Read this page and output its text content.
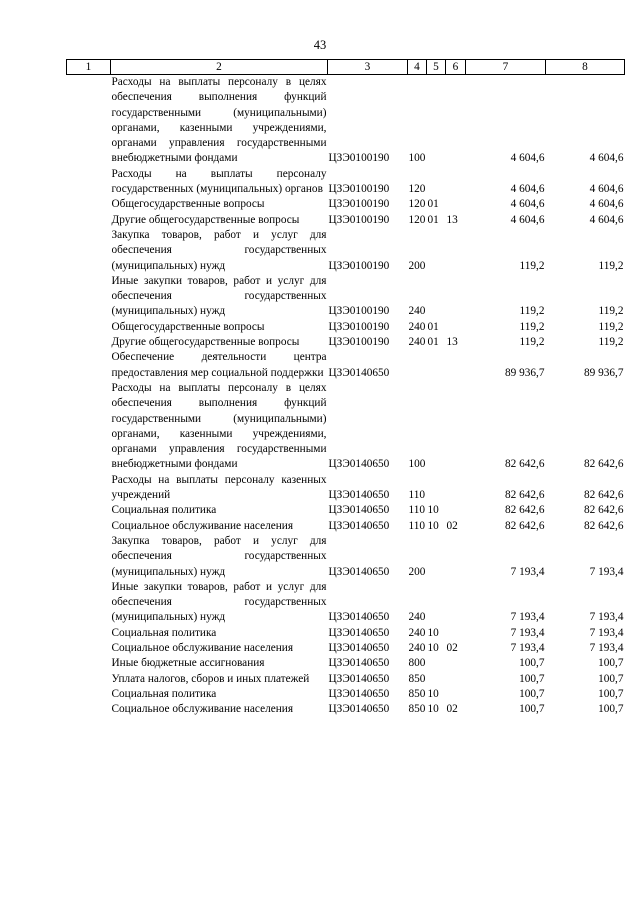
43
1	2	3	4	5	6	7	8
	Расходы на выплаты персоналу в целях обеспечения выполнения функций государственными (муниципальными) органами, казенными учреждениями, органами управления государственными внебюджетными фондами	ЦЗЭ0100190	100			4 604,6	4 604,6
	Расходы на выплаты персоналу государственных (муниципальных) органов	ЦЗЭ0100190	120			4 604,6	4 604,6
	Общегосударственные вопросы	ЦЗЭ0100190	120	01		4 604,6	4 604,6
	Другие общегосударственные вопросы	ЦЗЭ0100190	120	01	13	4 604,6	4 604,6
	Закупка товаров, работ и услуг для обеспечения государственных (муниципальных) нужд	ЦЗЭ0100190	200			119,2	119,2
	Иные закупки товаров, работ и услуг для обеспечения государственных (муниципальных) нужд	ЦЗЭ0100190	240			119,2	119,2
	Общегосударственные вопросы	ЦЗЭ0100190	240	01		119,2	119,2
	Другие общегосударственные вопросы	ЦЗЭ0100190	240	01	13	119,2	119,2
	Обеспечение деятельности центра предоставления мер социальной поддержки	ЦЗЭ0140650				89 936,7	89 936,7
	Расходы на выплаты персоналу в целях обеспечения выполнения функций государственными (муниципальными) органами, казенными учреждениями, органами управления государственными внебюджетными фондами	ЦЗЭ0140650	100			82 642,6	82 642,6
	Расходы на выплаты персоналу казенных учреждений	ЦЗЭ0140650	110			82 642,6	82 642,6
	Социальная политика	ЦЗЭ0140650	110	10		82 642,6	82 642,6
	Социальное обслуживание населения	ЦЗЭ0140650	110	10	02	82 642,6	82 642,6
	Закупка товаров, работ и услуг для обеспечения государственных (муниципальных) нужд	ЦЗЭ0140650	200			7 193,4	7 193,4
	Иные закупки товаров, работ и услуг для обеспечения государственных (муниципальных) нужд	ЦЗЭ0140650	240			7 193,4	7 193,4
	Социальная политика	ЦЗЭ0140650	240	10		7 193,4	7 193,4
	Социальное обслуживание населения	ЦЗЭ0140650	240	10	02	7 193,4	7 193,4
	Иные бюджетные ассигнования	ЦЗЭ0140650	800			100,7	100,7
	Уплата налогов, сборов и иных платежей	ЦЗЭ0140650	850			100,7	100,7
	Социальная политика	ЦЗЭ0140650	850	10		100,7	100,7
	Социальное обслуживание населения	ЦЗЭ0140650	850	10	02	100,7	100,7
